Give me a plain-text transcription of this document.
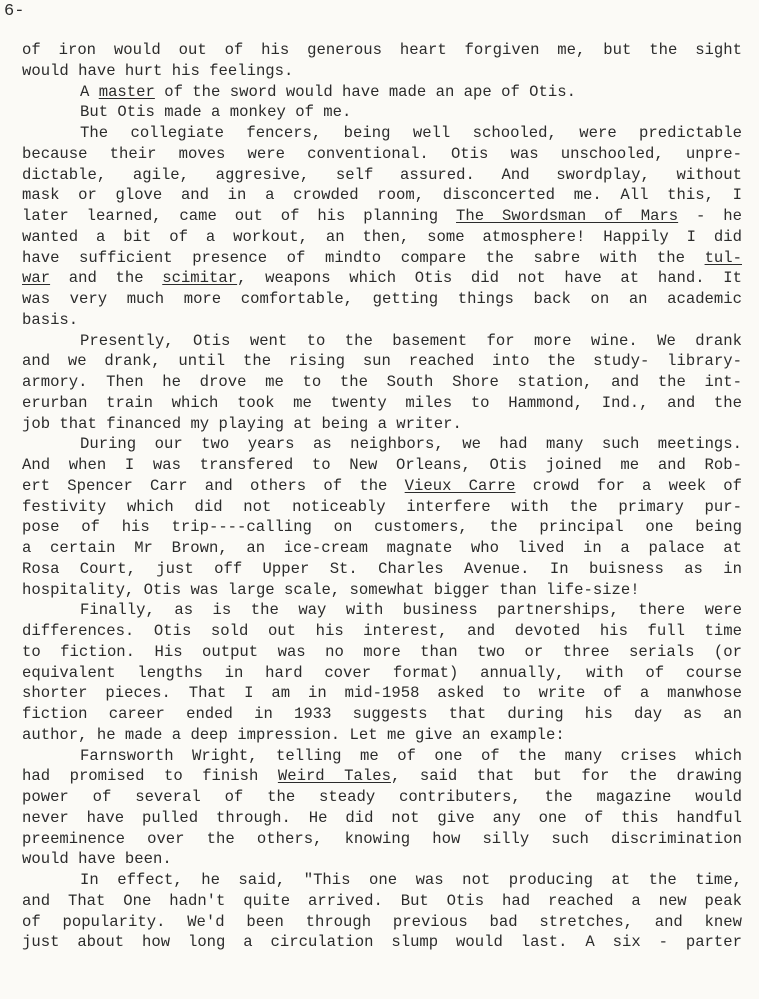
6-
of iron would out of his generous heart forgiven me, but the sight
would have hurt his feelings.
A master of the sword would have made an ape of Otis.
But Otis made a monkey of me.
The collegiate fencers, being well schooled, were predictable
because their moves were conventional. Otis was unschooled, unpre-
dictable, agile, aggresive, self assured. And swordplay, without
mask or glove and in a crowded room, disconcerted me. All this, I
later learned, came out of his planning The Swordsman of Mars - he
wanted a bit of a workout, an then, some atmosphere! Happily I did
have sufficient presence of mindto compare the sabre with the tul-
war and the scimitar, weapons which Otis did not have at hand. It
was very much more comfortable, getting things back on an academic
basis.
Presently, Otis went to the basement for more wine. We drank
and we drank, until the rising sun reached into the study- library-
armory. Then he drove me to the South Shore station, and the int-
erurban train which took me twenty miles to Hammond, Ind., and the
job that financed my playing at being a writer.
During our two years as neighbors, we had many such meetings.
And when I was transfered to New Orleans, Otis joined me and Rob-
ert Spencer Carr and others of the Vieux Carre crowd for a week of
festivity which did not noticeably interfere with the primary pur-
pose of his trip----calling on customers, the principal one being
a certain Mr Brown, an ice-cream magnate who lived in a palace at
Rosa Court, just off Upper St. Charles Avenue. In buisness as in
hospitality, Otis was large scale, somewhat bigger than life-size!
Finally, as is the way with business partnerships, there were
differences. Otis sold out his interest, and devoted his full time
to fiction. His output was no more than two or three serials (or
equivalent lengths in hard cover format) annually, with of course
shorter pieces. That I am in mid-1958 asked to write of a manwhose
fiction career ended in 1933 suggests that during his day as an
author, he made a deep impression. Let me give an example:
Farnsworth Wright, telling me of one of the many crises which
had promised to finish Weird Tales, said that but for the drawing
power of several of the steady contributers, the magazine would
never have pulled through. He did not give any one of this handful
preeminence over the others, knowing how silly such discrimination
would have been.
In effect, he said, "This one was not producing at the time,
and That One hadn't quite arrived. But Otis had reached a new peak
of popularity. We'd been through previous bad stretches, and knew
just about how long a circulation slump would last. A six - parter
